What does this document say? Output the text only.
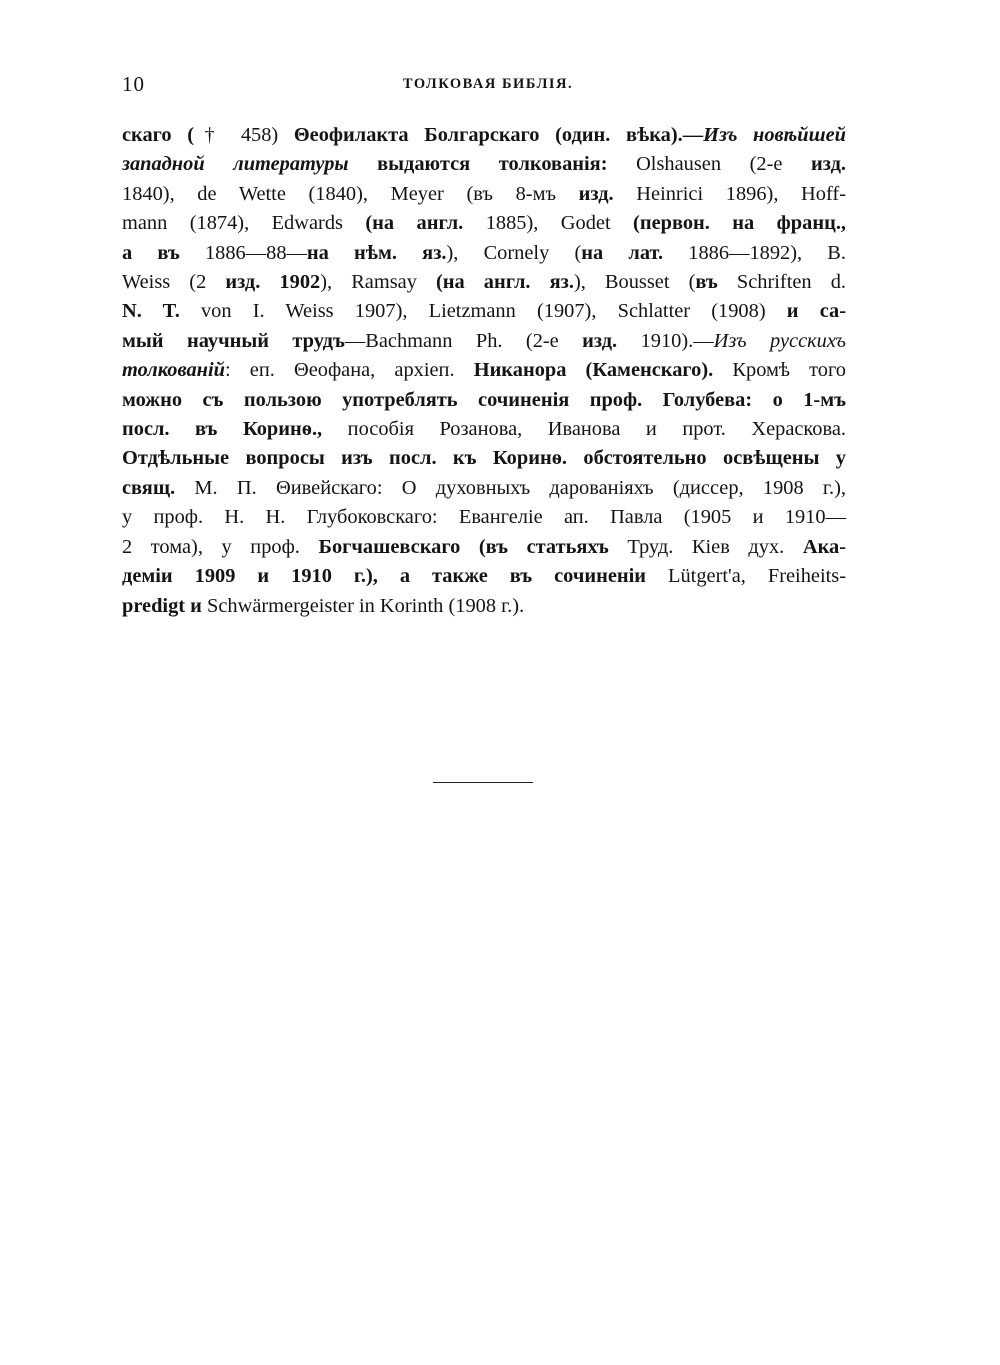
10	ТОЛКОВАЯ БИБЛІЯ.
скаго († 458) Θеофилакта Болгарскаго (один. вѣка).—Изъ новѣйшей
западной литературы выдаются толкованія: Olshausen (2-е изд.
1840), de Wette (1840), Meyer (въ 8-мъ изд. Heinrici 1896), Hoff-
mann (1874), Edwards (на англ. 1885), Godet (первон. на франц.,
а въ 1886—88—на нѣм. яз.), Cornely (на лат. 1886—1892), B.
Weiss (2 изд. 1902), Ramsay (на англ. яз.), Bousset (въ Schriften d.
N. T. von I. Weiss 1907), Lietzmann (1907), Schlatter (1908) и са-
мый научный трудъ—Bachmann Ph. (2-е изд. 1910).—Изъ русскихъ
толкованій: еп. Θеофана, архіеп. Никанора (Каменскаго). Кромѣ того
можно съ пользою употреблять сочиненія проф. Голубева: о 1-мъ
посл. въ Коринѳ., пособія Розанова, Иванова и прот. Хераскова.
Отдѣльные вопросы изъ посл. къ Коринѳ. обстоятельно освѣщены у
свящ. М. П. Θивейскаго: О духовныхъ дарованіяхъ (диссер, 1908 г.),
у проф. Н. Н. Глубоковскаго: Евангеліе ап. Павла (1905 и 1910—
2 тома), у проф. Богчашевскаго (въ статьяхъ Труд. Кіев дух. Ака-
деміи 1909 и 1910 г.), а также въ сочиненіи Lütgert'a, Freiheits-
predigt и Schwärmergeister in Korinth (1908 г.).
